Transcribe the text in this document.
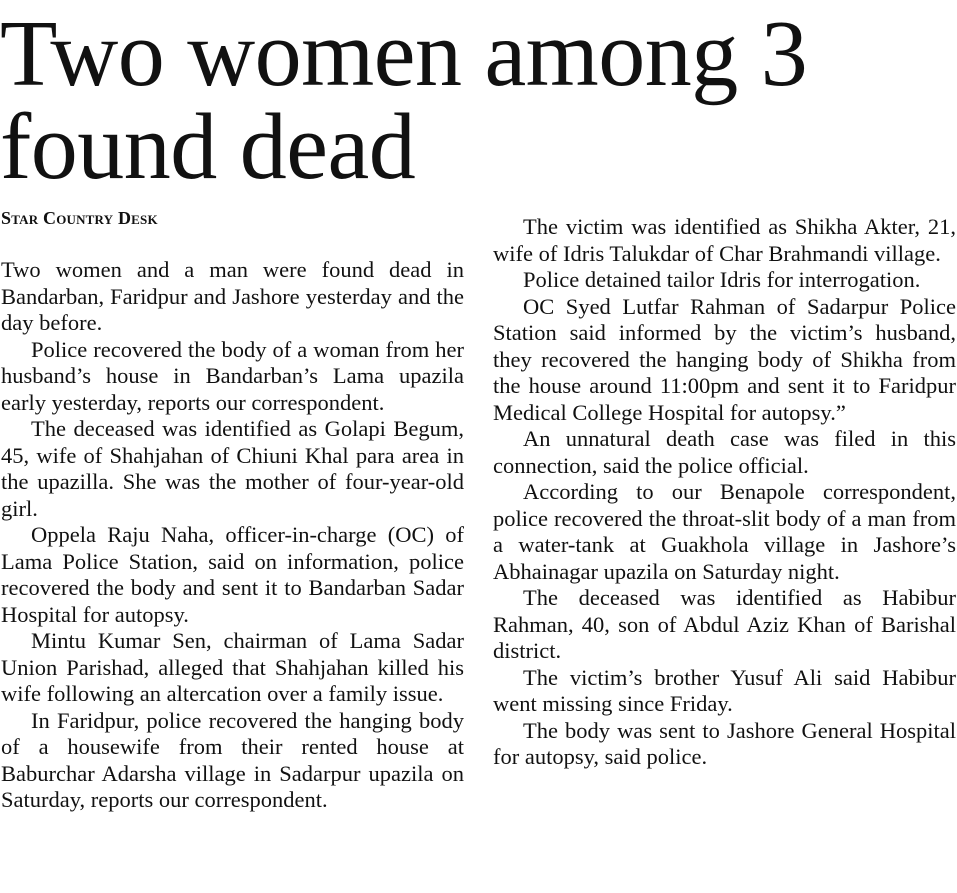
Two women among 3 found dead
Star Country Desk

Two women and a man were found dead in Bandarban, Faridpur and Jashore yesterday and the day before.

Police recovered the body of a woman from her husband’s house in Bandarban’s Lama upazila early yesterday, reports our correspondent.

The deceased was identified as Golapi Begum, 45, wife of Shahjahan of Chiuni Khal para area in the upazilla. She was the mother of four-year-old girl.

Oppela Raju Naha, officer-in-charge (OC) of Lama Police Station, said on information, police recovered the body and sent it to Bandarban Sadar Hospital for autopsy.

Mintu Kumar Sen, chairman of Lama Sadar Union Parishad, alleged that Shahjahan killed his wife following an altercation over a family issue.

In Faridpur, police recovered the hanging body of a housewife from their rented house at Baburchar Adarsha village in Sadarpur upazila on Saturday, reports our correspondent.

The victim was identified as Shikha Akter, 21, wife of Idris Talukdar of Char Brahmandi village.

Police detained tailor Idris for interrogation.

OC Syed Lutfar Rahman of Sadarpur Police Station said informed by the victim’s husband, they recovered the hanging body of Shikha from the house around 11:00pm and sent it to Faridpur Medical College Hospital for autopsy.”

An unnatural death case was filed in this connection, said the police official.

According to our Benapole correspondent, police recovered the throat-slit body of a man from a water-tank at Guakhola village in Jashore’s Abhainagar upazila on Saturday night.

The deceased was identified as Habibur Rahman, 40, son of Abdul Aziz Khan of Barishal district.

The victim’s brother Yusuf Ali said Habibur went missing since Friday.

The body was sent to Jashore General Hospital for autopsy, said police.
